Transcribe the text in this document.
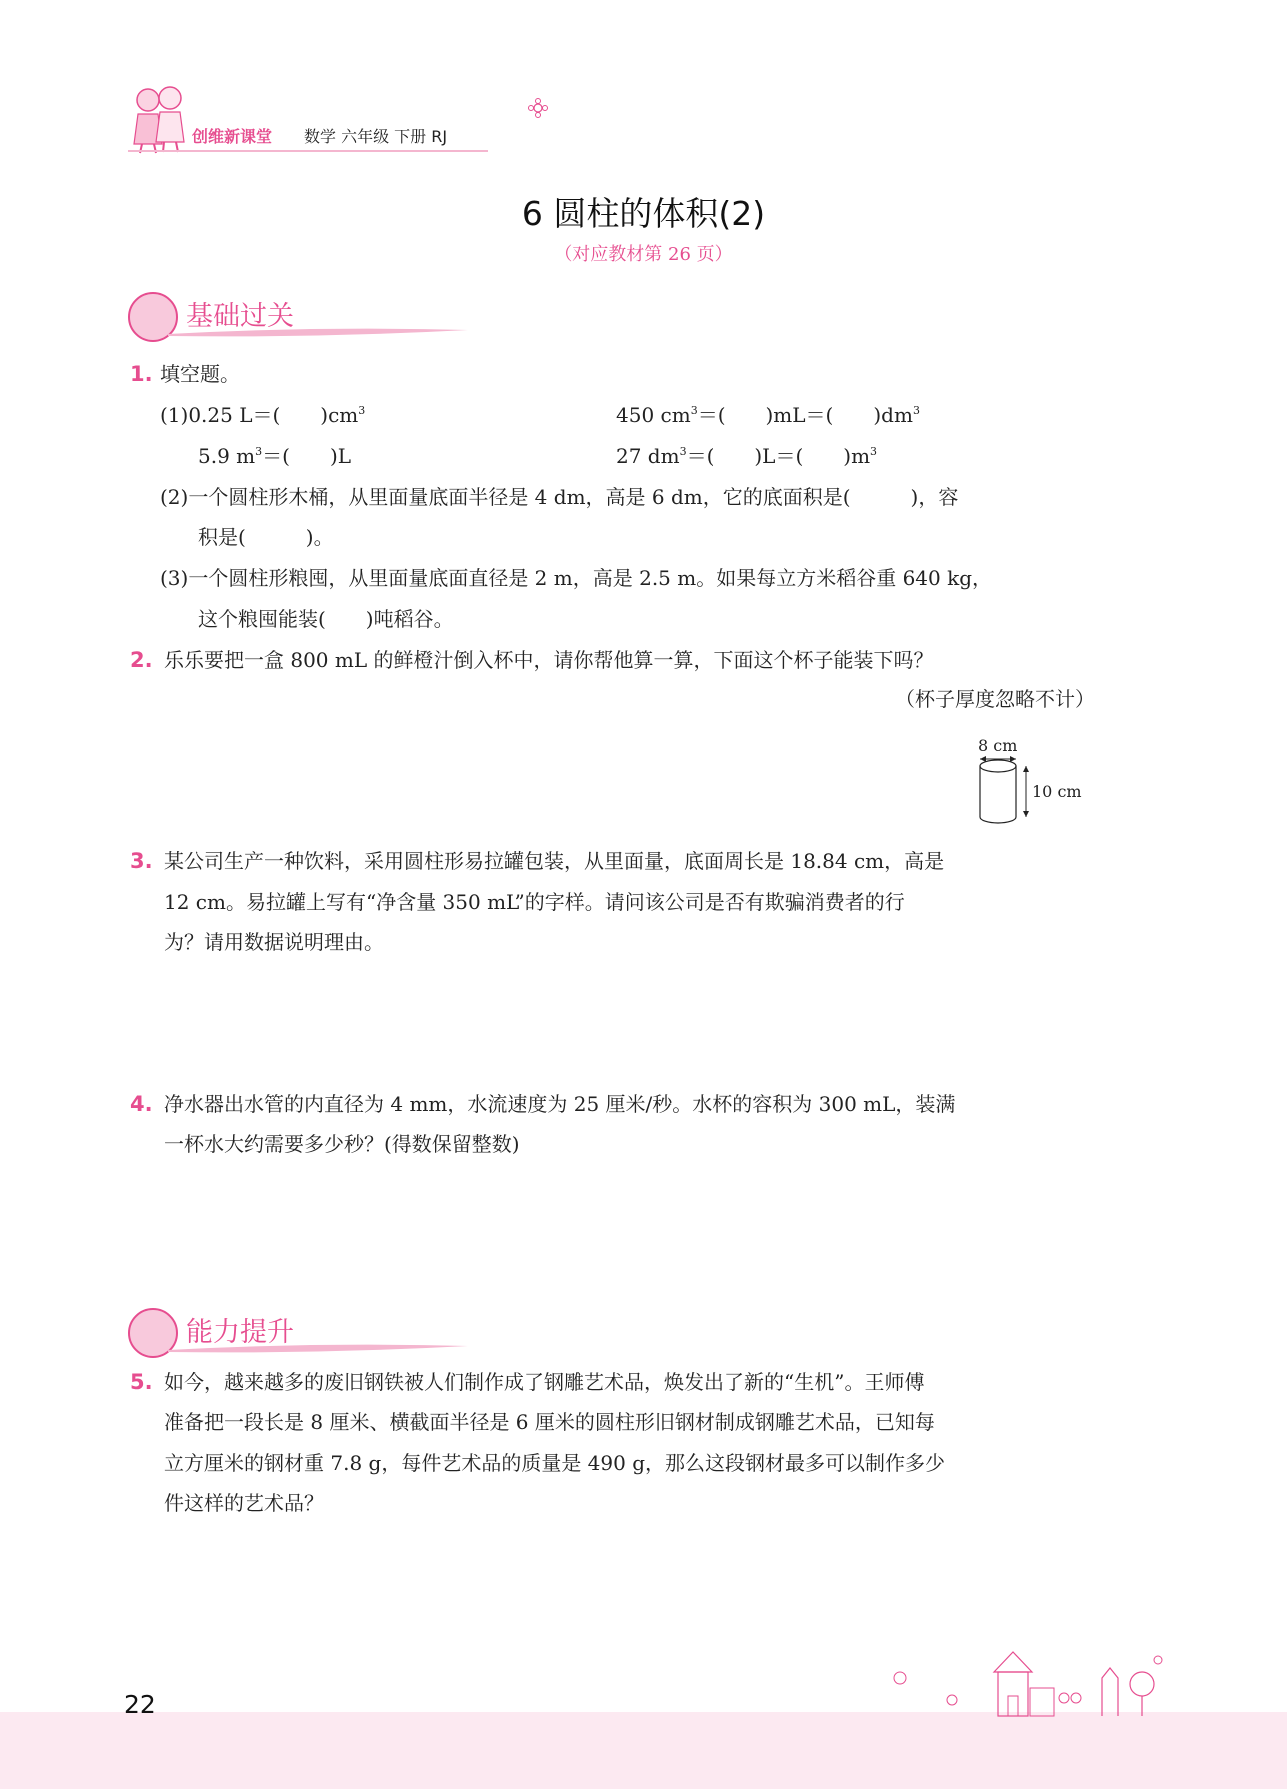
创维新课堂 数学 六年级 下册 RJ
6 圆柱的体积(2)
（对应教材第 26 页）
基础过关
1. 填空题。
(1)0.25 L＝(　　)$cm^3$	450 $cm^3=$(　　)mL＝(　　)$dm^3$
5.9 $m^3=$(　　)L	27 $dm^3=$(　　)L＝(　　)$m^3$
(2)一个圆柱形木桶，从里面量底面半径是 4 dm，高是 6 dm，它的底面积是(　　　)，容
积是(　　　)。
(3)一个圆柱形粮囤，从里面量底面直径是 2 m，高是 2.5 m。如果每立方米稻谷重 640 kg，
这个粮囤能装(　　)吨稻谷。
2. 乐乐要把一盒 800 mL 的鲜橙汁倒入杯中，请你帮他算一算，下面这个杯子能装下吗？
（杯子厚度忽略不计）
8 cm
10 cm
3. 某公司生产一种饮料，采用圆柱形易拉罐包装，从里面量，底面周长是 18.84 cm，高是
12 cm。易拉罐上写有“净含量 350 mL”的字样。请问该公司是否有欺骗消费者的行
为？请用数据说明理由。
4. 净水器出水管的内直径为 4 mm，水流速度为 25 厘米/秒。水杯的容积为 300 mL，装满
一杯水大约需要多少秒？(得数保留整数)
能力提升
5. 如今，越来越多的废旧钢铁被人们制作成了钢雕艺术品，焕发出了新的“生机”。王师傅
准备把一段长是 8 厘米、横截面半径是 6 厘米的圆柱形旧钢材制成钢雕艺术品，已知每
立方厘米的钢材重 7.8 g，每件艺术品的质量是 490 g，那么这段钢材最多可以制作多少
件这样的艺术品？
22
